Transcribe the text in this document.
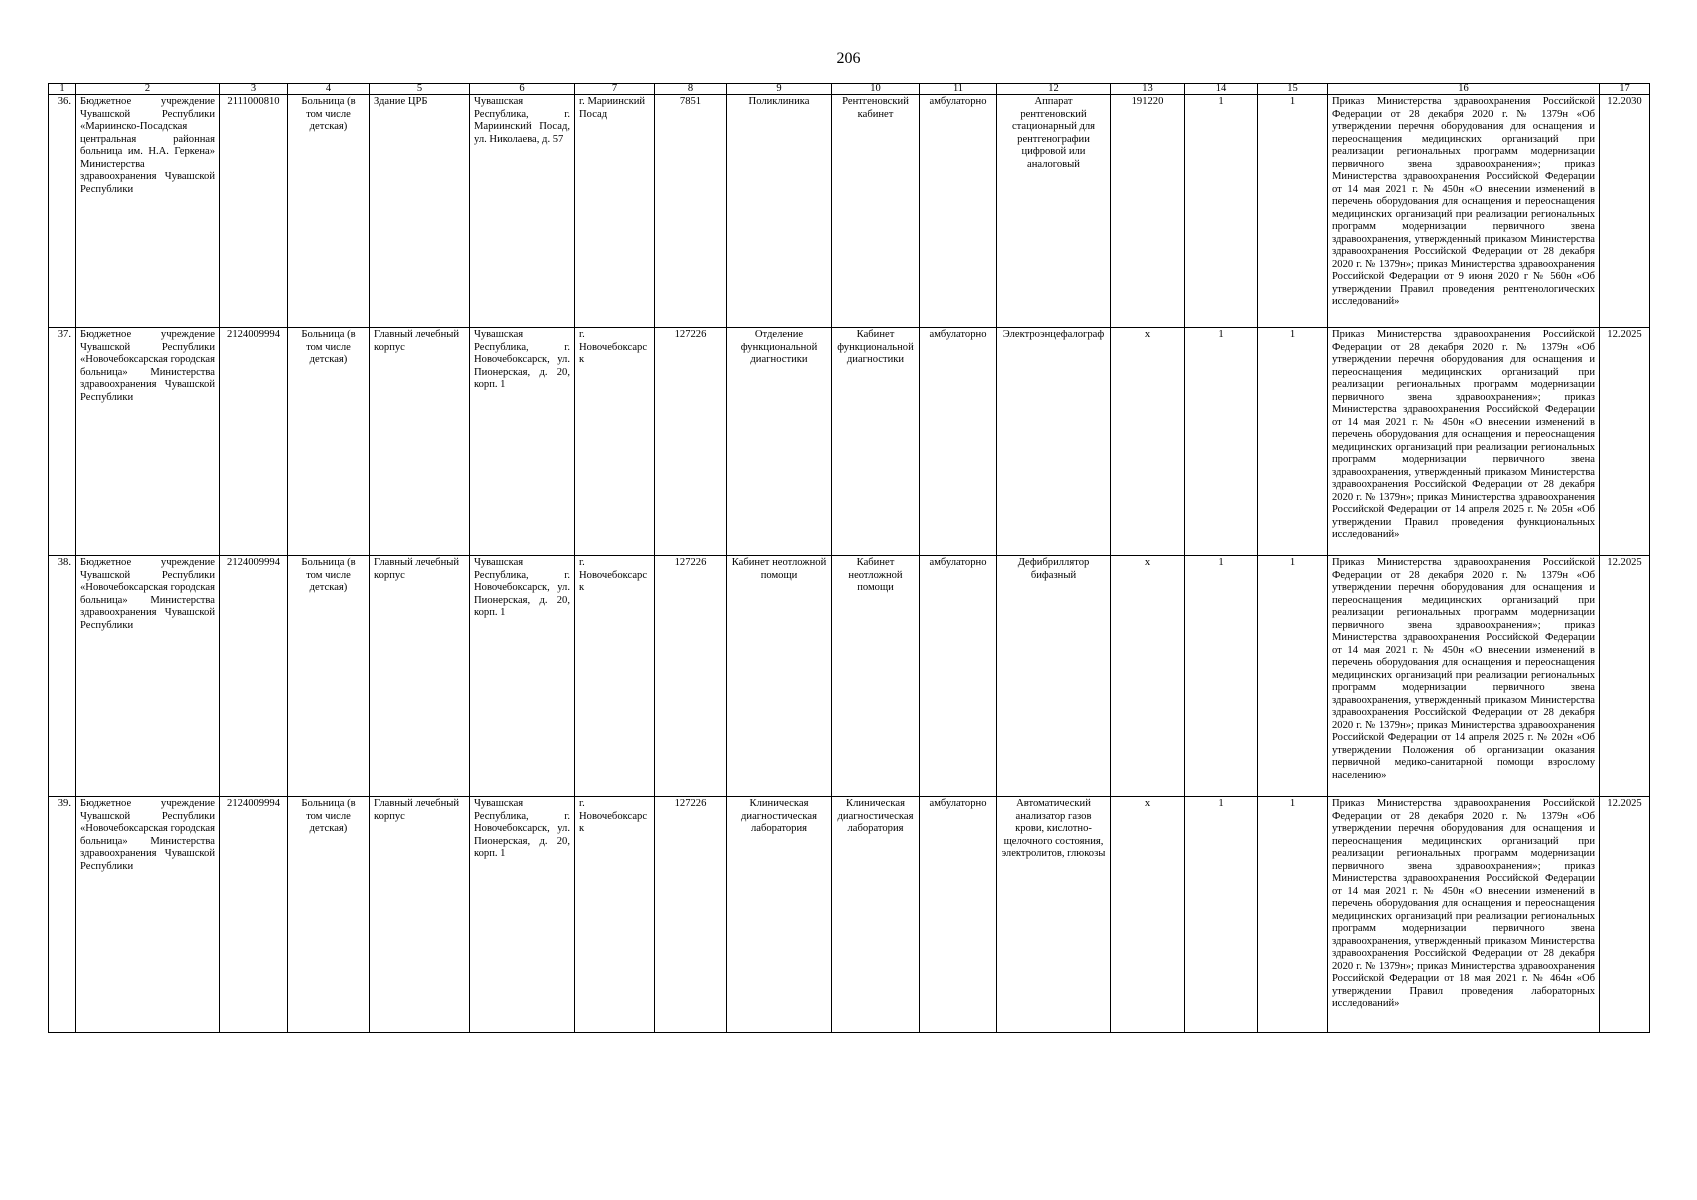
206
1	2	3	4	5	6	7	8	9	10	11	12	13	14	15	16	17
36.	Бюджетное учреждение Чувашской Республики «Мариинско-Посадская центральная районная больница им. Н.А. Геркена» Министерства здравоохранения Чувашской Республики	2111000810	Больница (в том числе детская)	Здание ЦРБ	Чувашская Республика, г. Мариинский Посад, ул. Николаева, д. 57	г. Мариинский Посад	7851	Поликлиника	Рентгеновский кабинет	амбулаторно	Аппарат рентгеновский стационарный для рентгенографии цифровой или аналоговый	191220	1	1	Приказ Министерства здравоохранения Российской Федерации от 28 декабря 2020 г. № 1379н «Об утверждении перечня оборудования для оснащения и переоснащения медицинских организаций при реализации региональных программ модернизации первичного звена здравоохранения»; приказ Министерства здравоохранения Российской Федерации от 14 мая 2021 г. № 450н «О внесении изменений в перечень оборудования для оснащения и переоснащения медицинских организаций при реализации региональных программ модернизации первичного звена здравоохранения, утвержденный приказом Министерства здравоохранения Российской Федерации от 28 декабря 2020 г. № 1379н»; приказ Министерства здравоохранения Российской Федерации от 9 июня 2020 г № 560н «Об утверждении Правил проведения рентгенологических исследований»	12.2030
37.	Бюджетное учреждение Чувашской Республики «Новочебоксарская городская больница» Министерства здравоохранения Чувашской Республики	2124009994	Больница (в том числе детская)	Главный лечебный корпус	Чувашская Республика, г. Новочебоксарск, ул. Пионерская, д. 20, корп. 1	г. Новочебоксарск	127226	Отделение функциональной диагностики	Кабинет функциональной диагностики	амбулаторно	Электроэнцефалограф	x	1	1	Приказ Министерства здравоохранения Российской Федерации от 28 декабря 2020 г. № 1379н «Об утверждении перечня оборудования для оснащения и переоснащения медицинских организаций при реализации региональных программ модернизации первичного звена здравоохранения»; приказ Министерства здравоохранения Российской Федерации от 14 мая 2021 г. № 450н «О внесении изменений в перечень оборудования для оснащения и переоснащения медицинских организаций при реализации региональных программ модернизации первичного звена здравоохранения, утвержденный приказом Министерства здравоохранения Российской Федерации от 28 декабря 2020 г. № 1379н»; приказ Министерства здравоохранения Российской Федерации от 14 апреля 2025 г. № 205н «Об утверждении Правил проведения функциональных исследований»	12.2025
38.	Бюджетное учреждение Чувашской Республики «Новочебоксарская городская больница» Министерства здравоохранения Чувашской Республики	2124009994	Больница (в том числе детская)	Главный лечебный корпус	Чувашская Республика, г. Новочебоксарск, ул. Пионерская, д. 20, корп. 1	г. Новочебоксарск	127226	Кабинет неотложной помощи	Кабинет неотложной помощи	амбулаторно	Дефибриллятор бифазный	x	1	1	Приказ Министерства здравоохранения Российской Федерации от 28 декабря 2020 г. № 1379н «Об утверждении перечня оборудования для оснащения и переоснащения медицинских организаций при реализации региональных программ модернизации первичного звена здравоохранения»; приказ Министерства здравоохранения Российской Федерации от 14 мая 2021 г. № 450н «О внесении изменений в перечень оборудования для оснащения и переоснащения медицинских организаций при реализации региональных программ модернизации первичного звена здравоохранения, утвержденный приказом Министерства здравоохранения Российской Федерации от 28 декабря 2020 г. № 1379н»; приказ Министерства здравоохранения Российской Федерации от 14 апреля 2025 г. № 202н «Об утверждении Положения об организации оказания первичной медико-санитарной помощи взрослому населению»	12.2025
39.	Бюджетное учреждение Чувашской Республики «Новочебоксарская городская больница» Министерства здравоохранения Чувашской Республики	2124009994	Больница (в том числе детская)	Главный лечебный корпус	Чувашская Республика, г. Новочебоксарск, ул. Пионерская, д. 20, корп. 1	г. Новочебоксарск	127226	Клиническая диагностическая лаборатория	Клиническая диагностическая лаборатория	амбулаторно	Автоматический анализатор газов крови, кислотно-щелочного состояния, электролитов, глюкозы	x	1	1	Приказ Министерства здравоохранения Российской Федерации от 28 декабря 2020 г. № 1379н «Об утверждении перечня оборудования для оснащения и переоснащения медицинских организаций при реализации региональных программ модернизации первичного звена здравоохранения»; приказ Министерства здравоохранения Российской Федерации от 14 мая 2021 г. № 450н «О внесении изменений в перечень оборудования для оснащения и переоснащения медицинских организаций при реализации региональных программ модернизации первичного звена здравоохранения, утвержденный приказом Министерства здравоохранения Российской Федерации от 28 декабря 2020 г. № 1379н»; приказ Министерства здравоохранения Российской Федерации от 18 мая 2021 г. № 464н «Об утверждении Правил проведения лабораторных исследований»	12.2025
